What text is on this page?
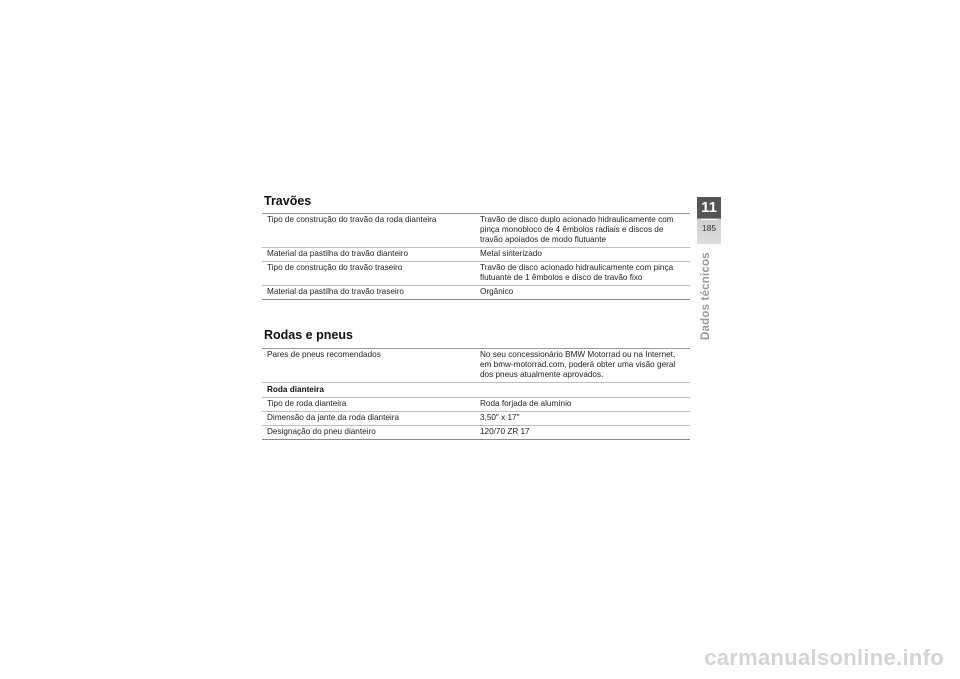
Travões
Tipo de construção do travão da roda dianteira	Travão de disco duplo acionado hidraulicamente com pinça monobloco de 4 êmbolos radiais e discos de travão apoiados de modo flutuante
Material da pastilha do travão dianteiro	Metal sinterizado
Tipo de construção do travão traseiro	Travão de disco acionado hidraulicamente com pinça flutuante de 1 êmbolos e disco de travão fixo
Material da pastilha do travão traseiro	Orgânico
Rodas e pneus
Pares de pneus recomendados	No seu concessionário BMW Motorrad ou na Internet, em bmw-motorrad.com, poderá obter uma visão geral dos pneus atualmente aprovados.
Roda dianteira	
Tipo de roda dianteira	Roda forjada de alumínio
Dimensão da jante da roda dianteira	3,50" x 17"
Designação do pneu dianteiro	120/70 ZR 17
11
185
Dados técnicos
carmanualsonline.info
